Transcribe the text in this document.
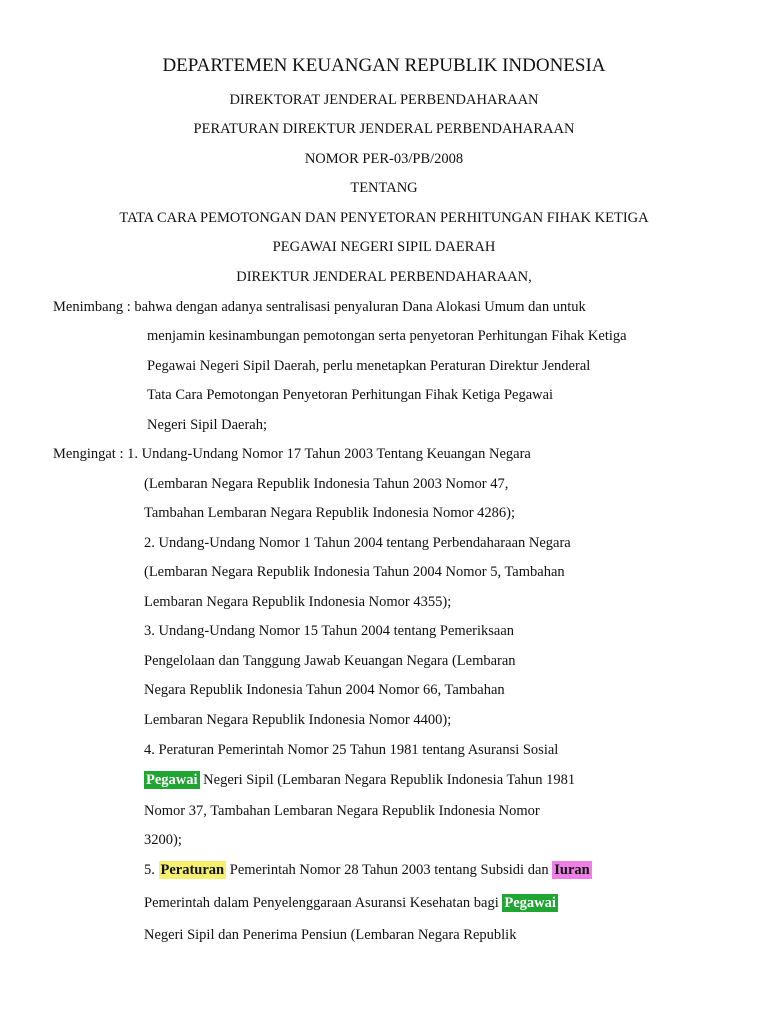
DEPARTEMEN KEUANGAN REPUBLIK INDONESIA
DIREKTORAT JENDERAL PERBENDAHARAAN
PERATURAN DIREKTUR JENDERAL PERBENDAHARAAN
NOMOR PER-03/PB/2008
TENTANG
TATA CARA PEMOTONGAN DAN PENYETORAN PERHITUNGAN FIHAK KETIGA
PEGAWAI NEGERI SIPIL DAERAH
DIREKTUR JENDERAL PERBENDAHARAAN,
Menimbang : bahwa dengan adanya sentralisasi penyaluran Dana Alokasi Umum dan untuk
menjamin kesinambungan pemotongan serta penyetoran Perhitungan Fihak Ketiga
Pegawai Negeri Sipil Daerah, perlu menetapkan Peraturan Direktur Jenderal
Tata Cara Pemotongan Penyetoran Perhitungan Fihak Ketiga Pegawai
Negeri Sipil Daerah;
Mengingat : 1. Undang-Undang Nomor 17 Tahun 2003 Tentang Keuangan Negara
(Lembaran Negara Republik Indonesia Tahun 2003 Nomor 47,
Tambahan Lembaran Negara Republik Indonesia Nomor 4286);
2. Undang-Undang Nomor 1 Tahun 2004 tentang Perbendaharaan Negara
(Lembaran Negara Republik Indonesia Tahun 2004 Nomor 5, Tambahan
Lembaran Negara Republik Indonesia Nomor 4355);
3. Undang-Undang Nomor 15 Tahun 2004 tentang Pemeriksaan
Pengelolaan dan Tanggung Jawab Keuangan Negara (Lembaran
Negara Republik Indonesia Tahun 2004 Nomor 66, Tambahan
Lembaran Negara Republik Indonesia Nomor 4400);
4. Peraturan Pemerintah Nomor 25 Tahun 1981 tentang Asuransi Sosial
Pegawai Negeri Sipil (Lembaran Negara Republik Indonesia Tahun 1981
Nomor 37, Tambahan Lembaran Negara Republik Indonesia Nomor
3200);
5. Peraturan Pemerintah Nomor 28 Tahun 2003 tentang Subsidi dan Iuran
Pemerintah dalam Penyelenggaraan Asuransi Kesehatan bagi Pegawai
Negeri Sipil dan Penerima Pensiun (Lembaran Negara Republik
